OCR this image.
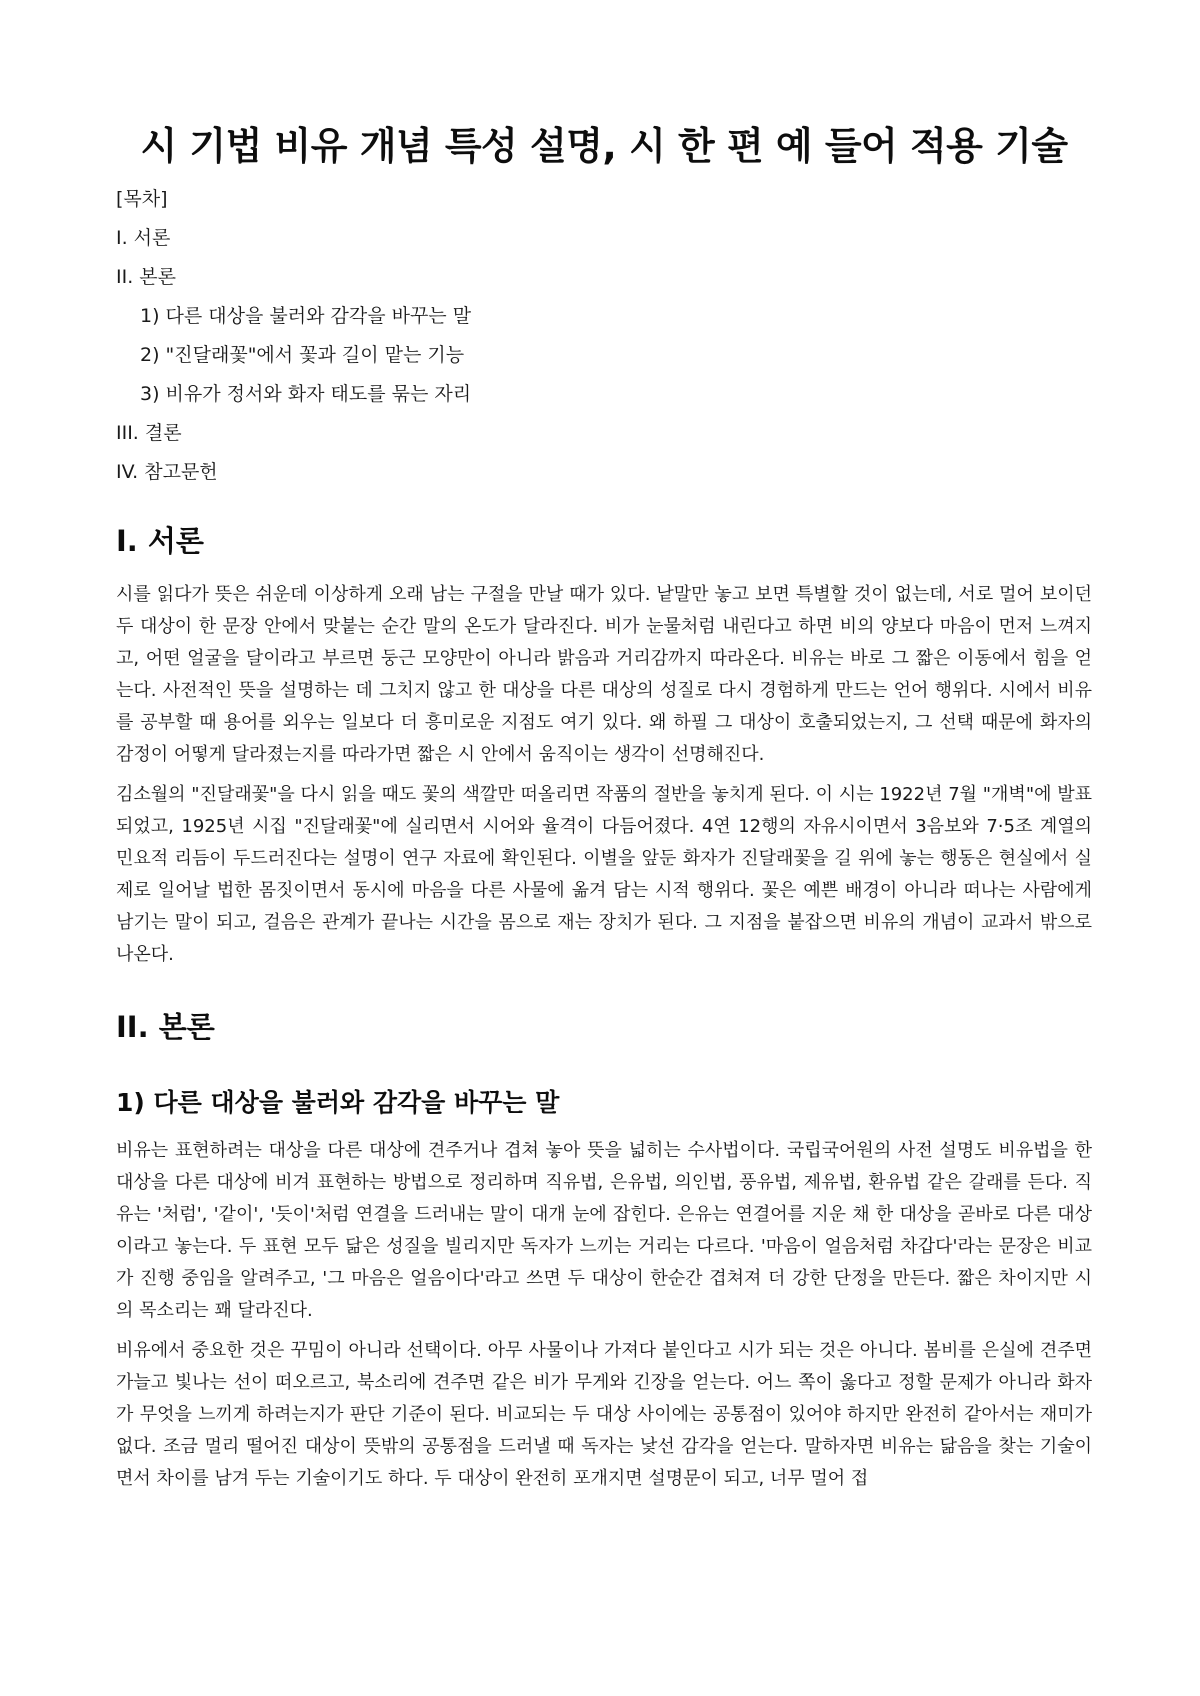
시 기법 비유 개념 특성 설명, 시 한 편 예 들어 적용 기술
[목차]
I. 서론
II. 본론
1) 다른 대상을 불러와 감각을 바꾸는 말
2) "진달래꽃"에서 꽃과 길이 맡는 기능
3) 비유가 정서와 화자 태도를 묶는 자리
III. 결론
IV. 참고문헌
I. 서론

시를 읽다가 뜻은 쉬운데 이상하게 오래 남는 구절을 만날 때가 있다. 낱말만 놓고 보면 특별할 것이 없는데, 서로 멀어 보이던 두 대상이 한 문장 안에서 맞붙는 순간 말의 온도가 달라진다. 비가 눈물처럼 내린다고 하면 비의 양보다 마음이 먼저 느껴지고, 어떤 얼굴을 달이라고 부르면 둥근 모양만이 아니라 밝음과 거리감까지 따라온다. 비유는 바로 그 짧은 이동에서 힘을 얻는다. 사전적인 뜻을 설명하는 데 그치지 않고 한 대상을 다른 대상의 성질로 다시 경험하게 만드는 언어 행위다. 시에서 비유를 공부할 때 용어를 외우는 일보다 더 흥미로운 지점도 여기 있다. 왜 하필 그 대상이 호출되었는지, 그 선택 때문에 화자의 감정이 어떻게 달라졌는지를 따라가면 짧은 시 안에서 움직이는 생각이 선명해진다.

김소월의 "진달래꽃"을 다시 읽을 때도 꽃의 색깔만 떠올리면 작품의 절반을 놓치게 된다. 이 시는 1922년 7월 "개벽"에 발표되었고, 1925년 시집 "진달래꽃"에 실리면서 시어와 율격이 다듬어졌다. 4연 12행의 자유시이면서 3음보와 7·5조 계열의 민요적 리듬이 두드러진다는 설명이 연구 자료에 확인된다. 이별을 앞둔 화자가 진달래꽃을 길 위에 놓는 행동은 현실에서 실제로 일어날 법한 몸짓이면서 동시에 마음을 다른 사물에 옮겨 담는 시적 행위다. 꽃은 예쁜 배경이 아니라 떠나는 사람에게 남기는 말이 되고, 걸음은 관계가 끝나는 시간을 몸으로 재는 장치가 된다. 그 지점을 붙잡으면 비유의 개념이 교과서 밖으로 나온다.

II. 본론
1) 다른 대상을 불러와 감각을 바꾸는 말

비유는 표현하려는 대상을 다른 대상에 견주거나 겹쳐 놓아 뜻을 넓히는 수사법이다. 국립국어원의 사전 설명도 비유법을 한 대상을 다른 대상에 비겨 표현하는 방법으로 정리하며 직유법, 은유법, 의인법, 풍유법, 제유법, 환유법 같은 갈래를 든다. 직유는 '처럼', '같이', '듯이'처럼 연결을 드러내는 말이 대개 눈에 잡힌다. 은유는 연결어를 지운 채 한 대상을 곧바로 다른 대상이라고 놓는다. 두 표현 모두 닮은 성질을 빌리지만 독자가 느끼는 거리는 다르다. '마음이 얼음처럼 차갑다'라는 문장은 비교가 진행 중임을 알려주고, '그 마음은 얼음이다'라고 쓰면 두 대상이 한순간 겹쳐져 더 강한 단정을 만든다. 짧은 차이지만 시의 목소리는 꽤 달라진다.

비유에서 중요한 것은 꾸밈이 아니라 선택이다. 아무 사물이나 가져다 붙인다고 시가 되는 것은 아니다. 봄비를 은실에 견주면 가늘고 빛나는 선이 떠오르고, 북소리에 견주면 같은 비가 무게와 긴장을 얻는다. 어느 쪽이 옳다고 정할 문제가 아니라 화자가 무엇을 느끼게 하려는지가 판단 기준이 된다. 비교되는 두 대상 사이에는 공통점이 있어야 하지만 완전히 같아서는 재미가 없다. 조금 멀리 떨어진 대상이 뜻밖의 공통점을 드러낼 때 독자는 낯선 감각을 얻는다. 말하자면 비유는 닮음을 찾는 기술이면서 차이를 남겨 두는 기술이기도 하다. 두 대상이 완전히 포개지면 설명문이 되고, 너무 멀어 접
